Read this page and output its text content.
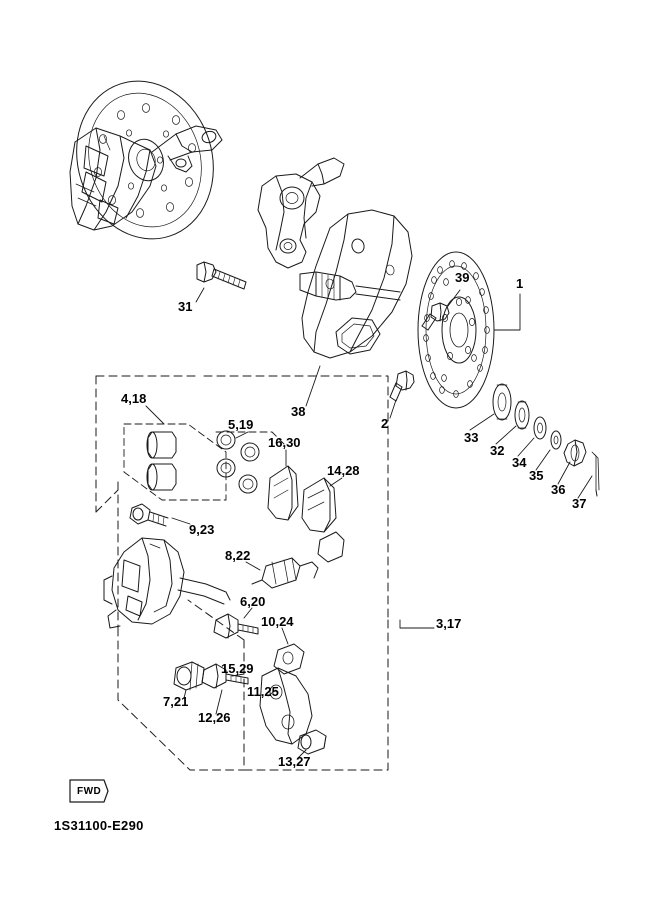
31
39	1
38
2
33
32
34
35
36
37
4,18
5,19
16,30
14,28
9,23
8,22
6,20
3,17
10,24
15,29
11,25
7,21
12,26
13,27
FWD
1S31100-E290
